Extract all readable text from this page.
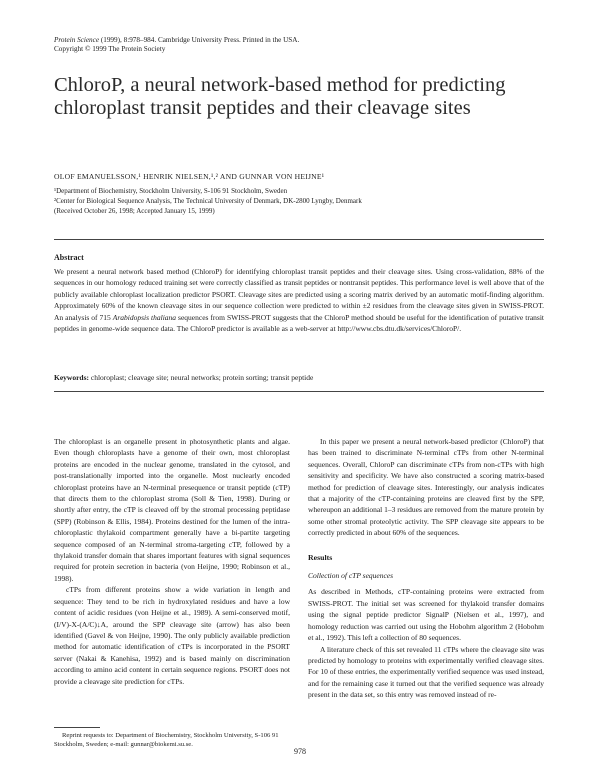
Protein Science (1999), 8:978–984. Cambridge University Press. Printed in the USA.
Copyright © 1999 The Protein Society
ChloroP, a neural network-based method for predicting chloroplast transit peptides and their cleavage sites
OLOF EMANUELSSON,¹ HENRIK NIELSEN,¹,² AND GUNNAR VON HEIJNE¹
¹Department of Biochemistry, Stockholm University, S-106 91 Stockholm, Sweden
²Center for Biological Sequence Analysis, The Technical University of Denmark, DK-2800 Lyngby, Denmark
(Received October 26, 1998; Accepted January 15, 1999)
Abstract

We present a neural network based method (ChloroP) for identifying chloroplast transit peptides and their cleavage sites. Using cross-validation, 88% of the sequences in our homology reduced training set were correctly classified as transit peptides or nontransit peptides. This performance level is well above that of the publicly available chloroplast localization predictor PSORT. Cleavage sites are predicted using a scoring matrix derived by an automatic motif-finding algorithm. Approximately 60% of the known cleavage sites in our sequence collection were predicted to within ±2 residues from the cleavage sites given in SWISS-PROT. An analysis of 715 Arabidopsis thaliana sequences from SWISS-PROT suggests that the ChloroP method should be useful for the identification of putative transit peptides in genome-wide sequence data. The ChloroP predictor is available as a web-server at http://www.cbs.dtu.dk/services/ChloroP/.

Keywords: chloroplast; cleavage site; neural networks; protein sorting; transit peptide

The chloroplast is an organelle present in photosynthetic plants and algae. Even though chloroplasts have a genome of their own, most chloroplast proteins are encoded in the nuclear genome, translated in the cytosol, and post-translationally imported into the organelle. Most nuclearly encoded chloroplast proteins have an N-terminal presequence or transit peptide (cTP) that directs them to the chloroplast stroma (Soll & Tien, 1998). During or shortly after entry, the cTP is cleaved off by the stromal processing peptidase (SPP) (Robinson & Ellis, 1984). Proteins destined for the lumen of the intra-chloroplastic thylakoid compartment generally have a bi-partite targeting sequence composed of an N-terminal stroma-targeting cTP, followed by a thylakoid transfer domain that shares important features with signal sequences required for protein secretion in bacteria (von Heijne, 1990; Robinson et al., 1998).

cTPs from different proteins show a wide variation in length and sequence: They tend to be rich in hydroxylated residues and have a low content of acidic residues (von Heijne et al., 1989). A semi-conserved motif, (I/V)-X-(A/C)↓A, around the SPP cleavage site (arrow) has also been identified (Gavel & von Heijne, 1990). The only publicly available prediction method for automatic identification of cTPs is incorporated in the PSORT server (Nakai & Kanehisa, 1992) and is based mainly on discrimination according to amino acid content in certain sequence regions. PSORT does not provide a cleavage site prediction for cTPs.

In this paper we present a neural network-based predictor (ChloroP) that has been trained to discriminate N-terminal cTPs from other N-terminal sequences. Overall, ChloroP can discriminate cTPs from non-cTPs with high sensitivity and specificity. We have also constructed a scoring matrix-based method for prediction of cleavage sites. Interestingly, our analysis indicates that a majority of the cTP-containing proteins are cleaved first by the SPP, whereupon an additional 1–3 residues are removed from the mature protein by some other stromal proteolytic activity. The SPP cleavage site appears to be correctly predicted in about 60% of the sequences.

Results

Collection of cTP sequences

As described in Methods, cTP-containing proteins were extracted from SWISS-PROT. The initial set was screened for thylakoid transfer domains using the signal peptide predictor SignalP (Nielsen et al., 1997), and homology reduction was carried out using the Hobohm algorithm 2 (Hobohm et al., 1992). This left a collection of 80 sequences.

A literature check of this set revealed 11 cTPs where the cleavage site was predicted by homology to proteins with experimentally verified cleavage sites. For 10 of these entries, the experimentally verified sequence was used instead, and for the remaining case it turned out that the verified sequence was already present in the data set, so this entry was removed instead of re-

Reprint requests to: Department of Biochemistry, Stockholm University, S-106 91 Stockholm, Sweden; e-mail: gunnar@biokemi.su.se.

978
